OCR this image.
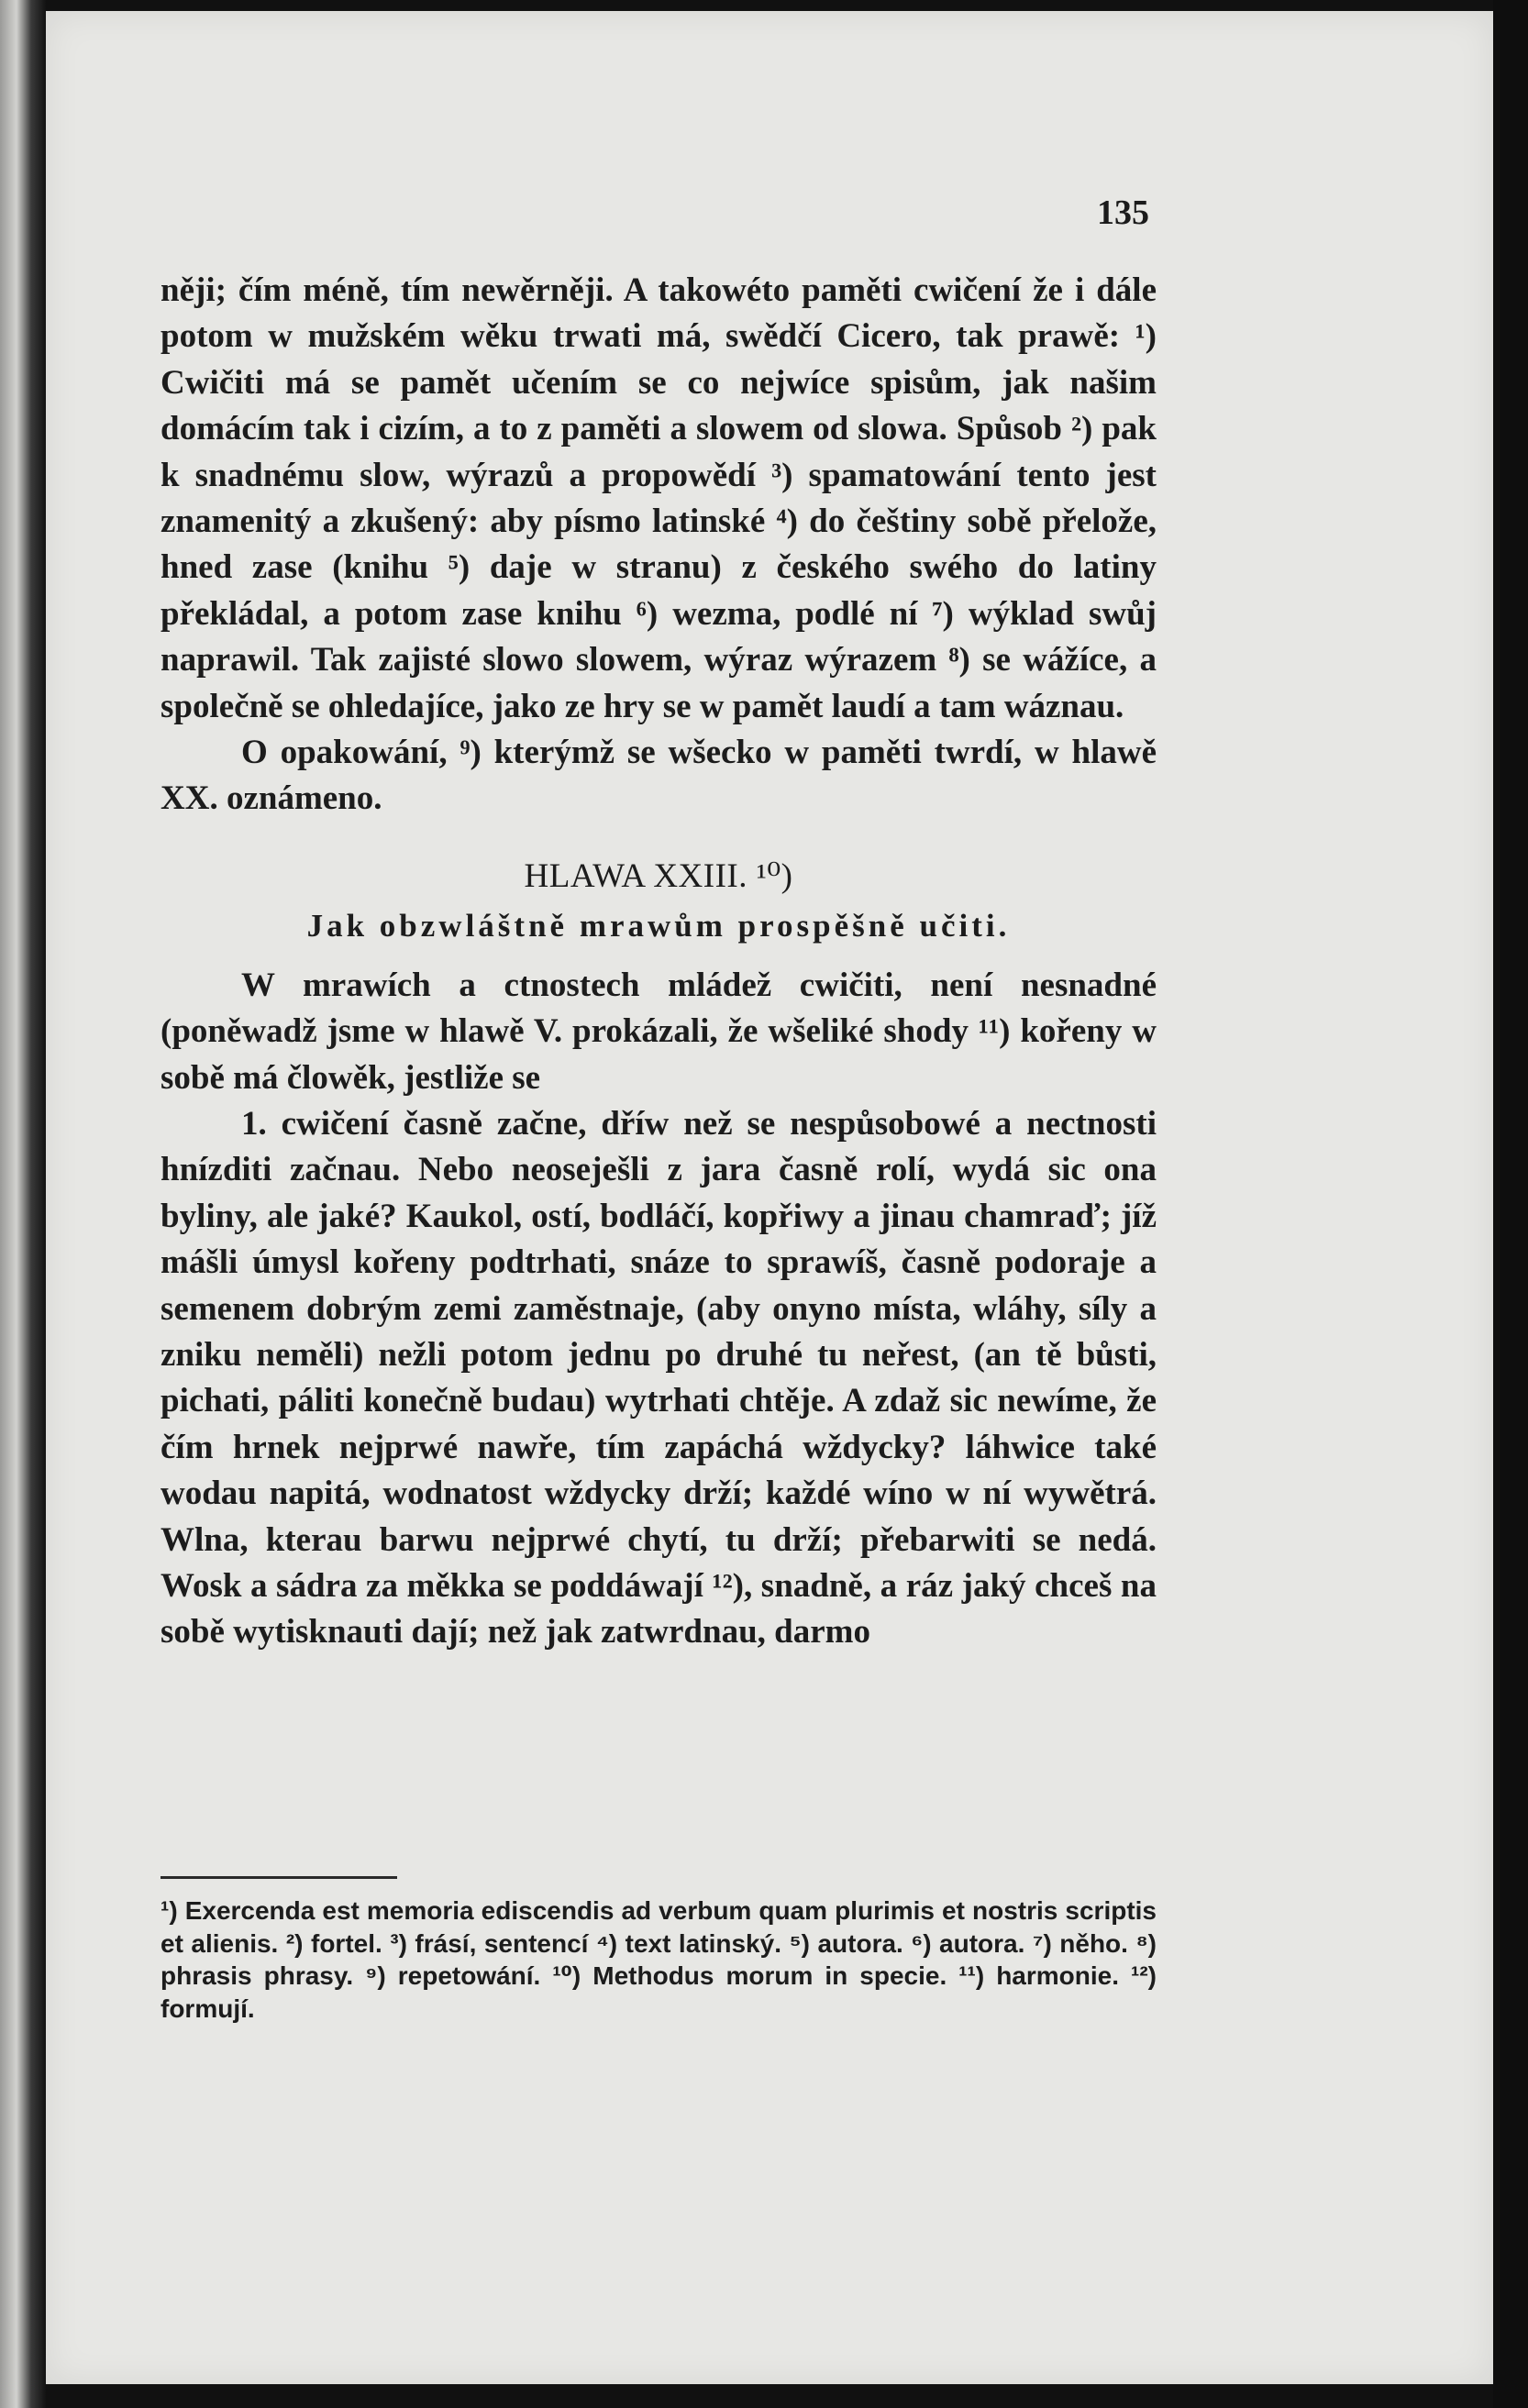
135

něji; čím méně, tím newěrněji. A takowéto paměti cwičení že i dále potom w mužském wěku trwati má, swědčí Cicero, tak prawě: ¹) Cwičiti má se pamět učením se co nejwíce spisům, jak našim domácím tak i cizím, a to z paměti a slowem od slowa. Spůsob ²) pak k snadnému slow, wýrazů a propowědí ³) spamatowání tento jest znamenitý a zkušený: aby písmo latinské ⁴) do češtiny sobě přelože, hned zase (knihu ⁵) daje w stranu) z českého swého do latiny překládal, a potom zase knihu ⁶) wezma, podlé ní ⁷) wýklad swůj naprawil. Tak zajisté slowo slowem, wýraz wýrazem ⁸) se wážíce, a společně se ohledajíce, jako ze hry se w pamět laudí a tam wáznau.

O opakowání, ⁹) kterýmž se wšecko w paměti twrdí, w hlawě XX. oznámeno.

HLAWA XXIII. ¹⁰)
Jak obzwláštně mrawům prospěšně učiti.

W mrawích a ctnostech mládež cwičiti, není nesnadné (poněwadž jsme w hlawě V. prokázali, že wšeliké shody ¹¹) kořeny w sobě má člowěk, jestliže se

1. cwičení časně začne, dříw než se nespůsobowé a nectnosti hnízditi začnau. Nebo neoseješli z jara časně rolí, wydá sic ona byliny, ale jaké? Kaukol, ostí, bodláčí, kopřiwy a jinau chamraď; jíž mášli úmysl kořeny podtrhati, snáze to sprawíš, časně podoraje a semenem dobrým zemi zaměstnaje, (aby onyno místa, wláhy, síly a zniku neměli) nežli potom jednu po druhé tu neřest, (an tě bůsti, pichati, páliti konečně budau) wytrhati chtěje. A zdaž sic newíme, že čím hrnek nejprwé nawře, tím zapáchá wždycky? láhwice také wodau napitá, wodnatost wždycky drží; každé wíno w ní wywětrá. Wlna, kterau barwu nejprwé chytí, tu drží; přebarwiti se nedá. Wosk a sádra za měkka se poddáwají ¹²), snadně, a ráz jaký chceš na sobě wytisknauti dají; než jak zatwrdnau, darmo

¹) Exercenda est memoria ediscendis ad verbum quam plurimis et nostris scriptis et alienis. ²) fortel. ³) frásí, sentencí ⁴) text latinský. ⁵) autora. ⁶) autora. ⁷) něho. ⁸) phrasis phrasy. ⁹) repetowání. ¹⁰) Methodus morum in specie. ¹¹) harmonie. ¹²) formují.
